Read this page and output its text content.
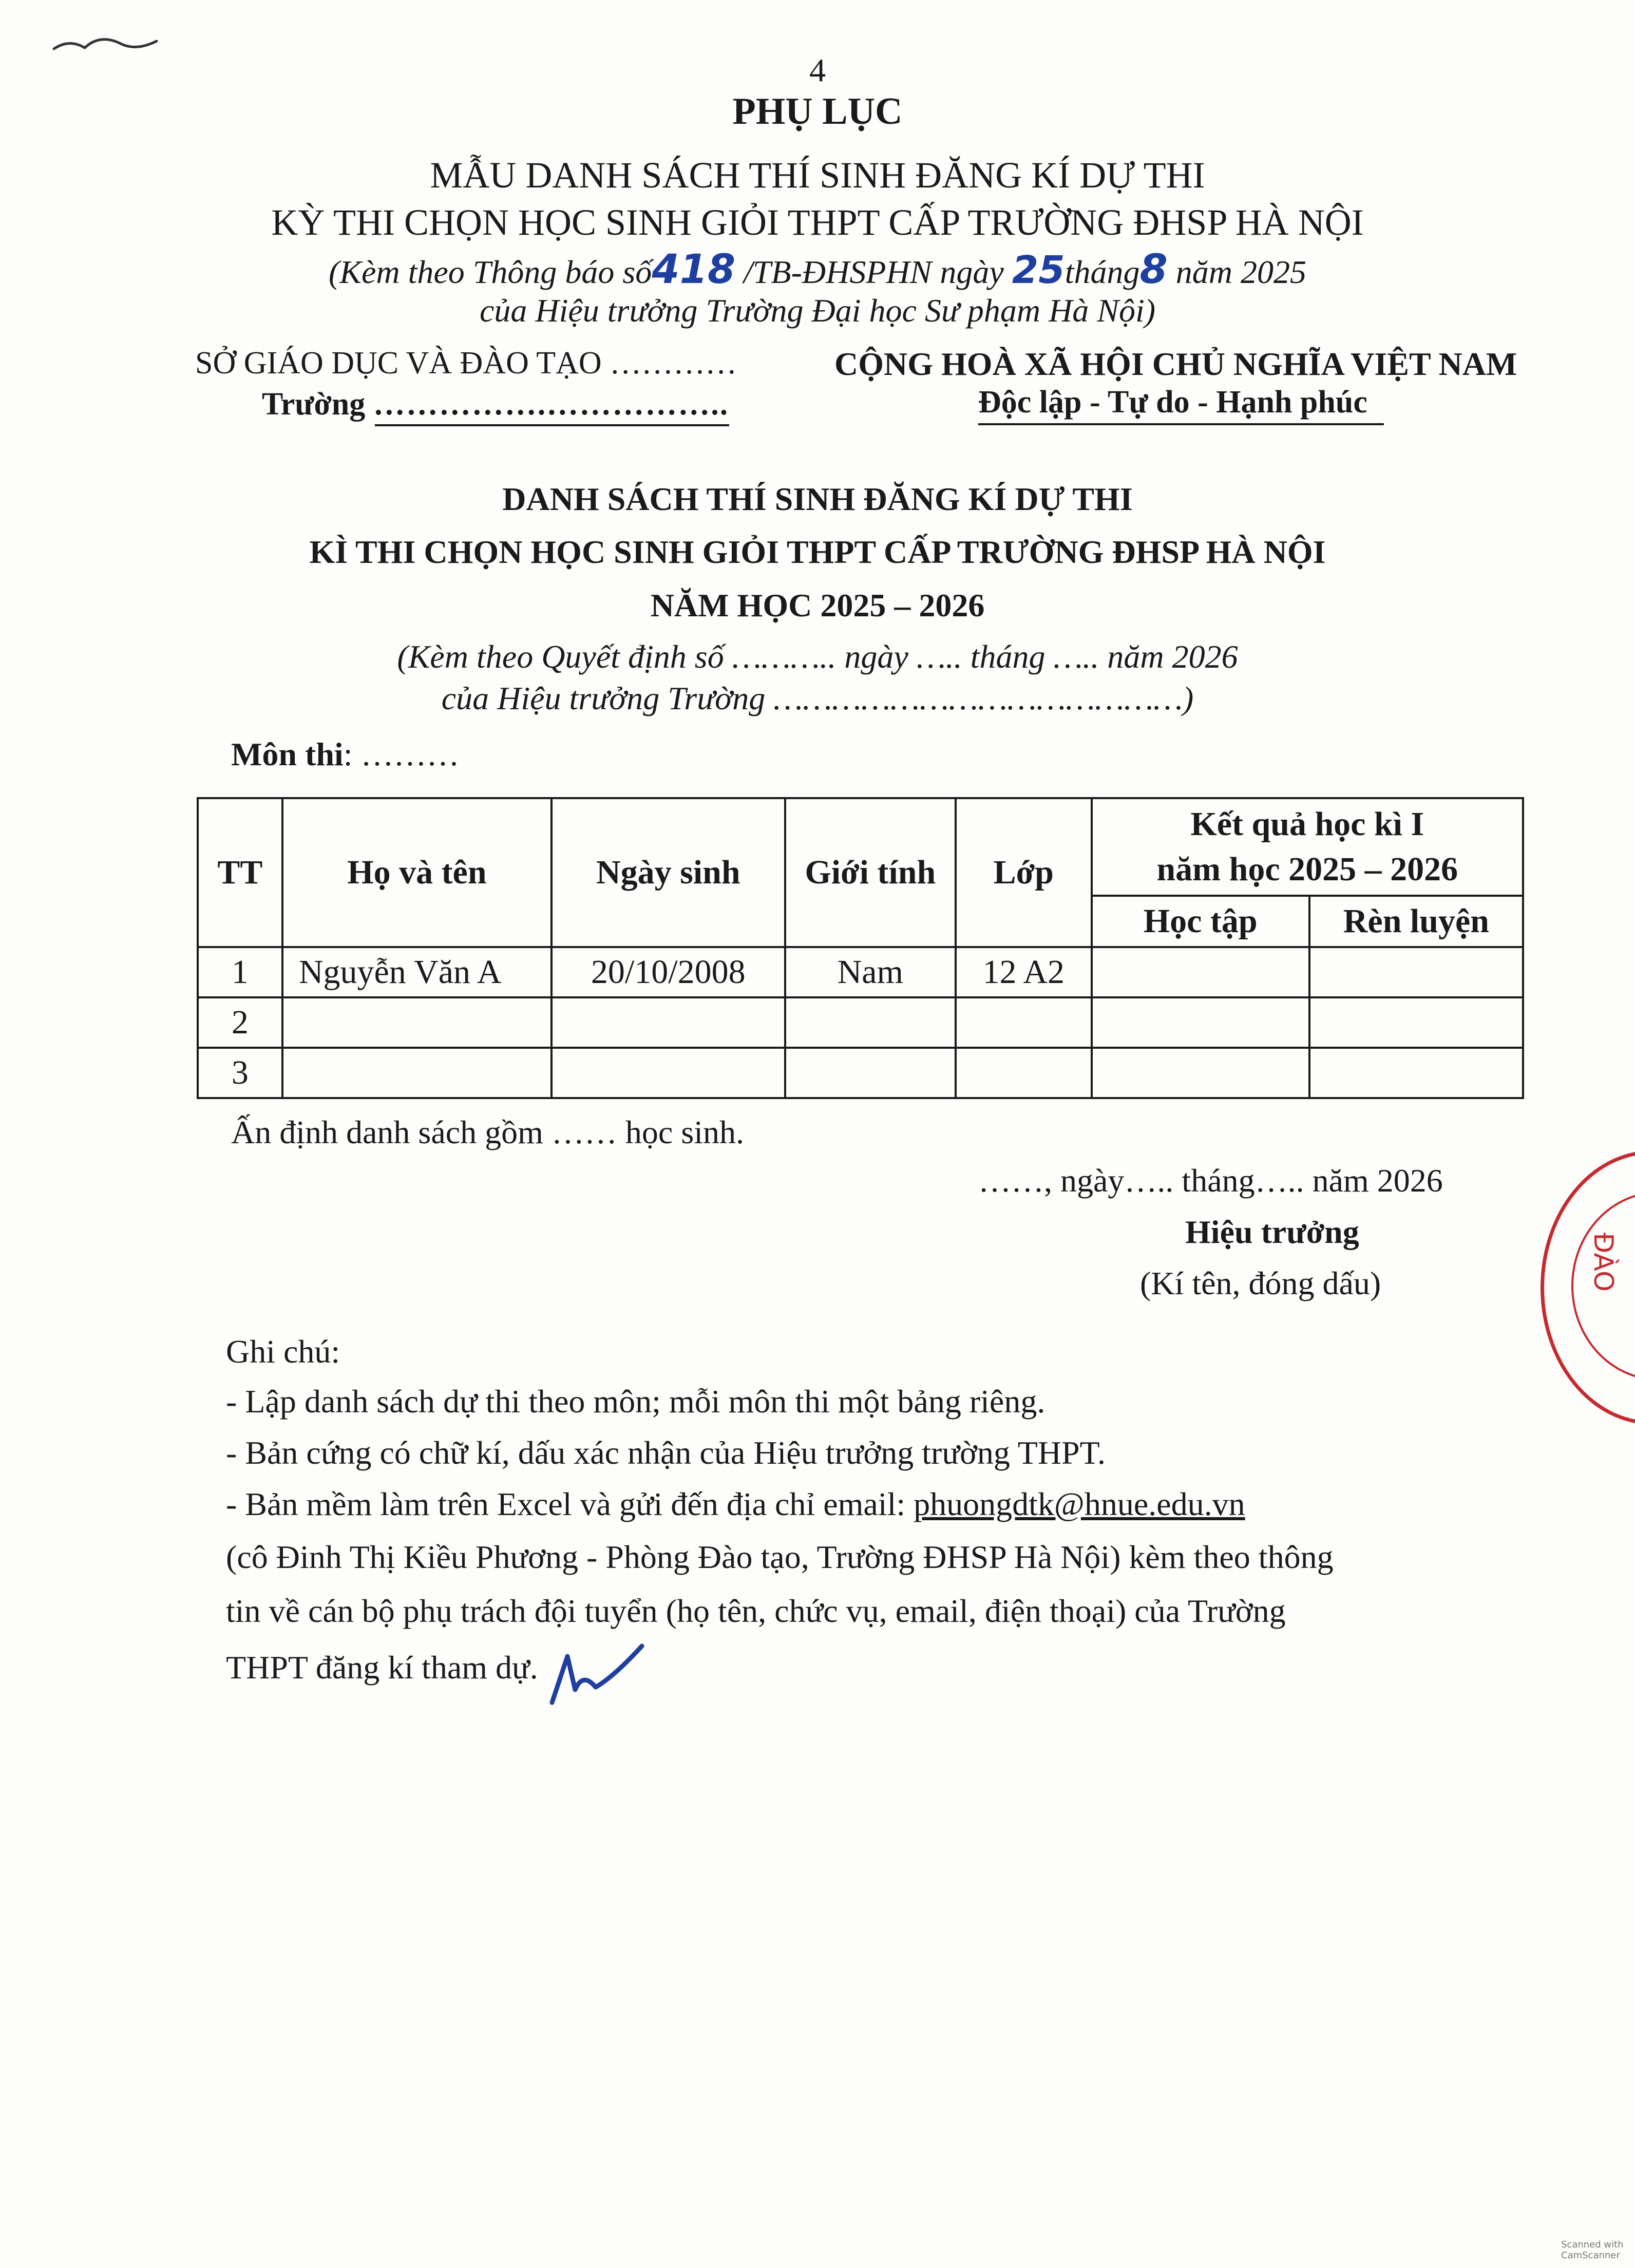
4
PHỤ LỤC
MẪU DANH SÁCH THÍ SINH ĐĂNG KÍ DỰ THI
KỲ THI CHỌN HỌC SINH GIỎI THPT CẤP TRƯỜNG ĐHSP HÀ NỘI
(Kèm theo Thông báo số418 /TB-ĐHSPHN ngày 25tháng8 năm 2025
của Hiệu trưởng Trường Đại học Sư phạm Hà Nội)
SỞ GIÁO DỤC VÀ ĐÀO TẠO …………
Trường …………….……………..
CỘNG HOÀ XÃ HỘI CHỦ NGHĨA VIỆT NAM
Độc lập - Tự do - Hạnh phúc
DANH SÁCH THÍ SINH ĐĂNG KÍ DỰ THI
KÌ THI CHỌN HỌC SINH GIỎI THPT CẤP TRƯỜNG ĐHSP HÀ NỘI
NĂM HỌC 2025 – 2026
(Kèm theo Quyết định số ……….. ngày ….. tháng ….. năm 2026
của Hiệu trưởng Trường ……………………………………)
Môn thi: ………
TT	Họ và tên	Ngày sinh	Giới tính	Lớp	Kết quả học kì I
năm học 2025 – 2026	

					Học tập	Rèn luyện
1	Nguyễn Văn A	20/10/2008	Nam	12 A2		
2						
3						
Ấn định danh sách gồm …… học sinh.
……, ngày….. tháng….. năm 2026
Hiệu trưởng
(Kí tên, đóng dấu)	ĐÀO
Ghi chú:
- Lập danh sách dự thi theo môn; mỗi môn thi một bảng riêng.
- Bản cứng có chữ kí, dấu xác nhận của Hiệu trưởng trường THPT.
- Bản mềm làm trên Excel và gửi đến địa chỉ email: phuongdtk@hnue.edu.vn
(cô Đinh Thị Kiều Phương - Phòng Đào tạo, Trường ĐHSP Hà Nội) kèm theo thông
tin về cán bộ phụ trách đội tuyển (họ tên, chức vụ, email, điện thoại) của Trường
THPT đăng kí tham dự.
Scanned with CamScanner
